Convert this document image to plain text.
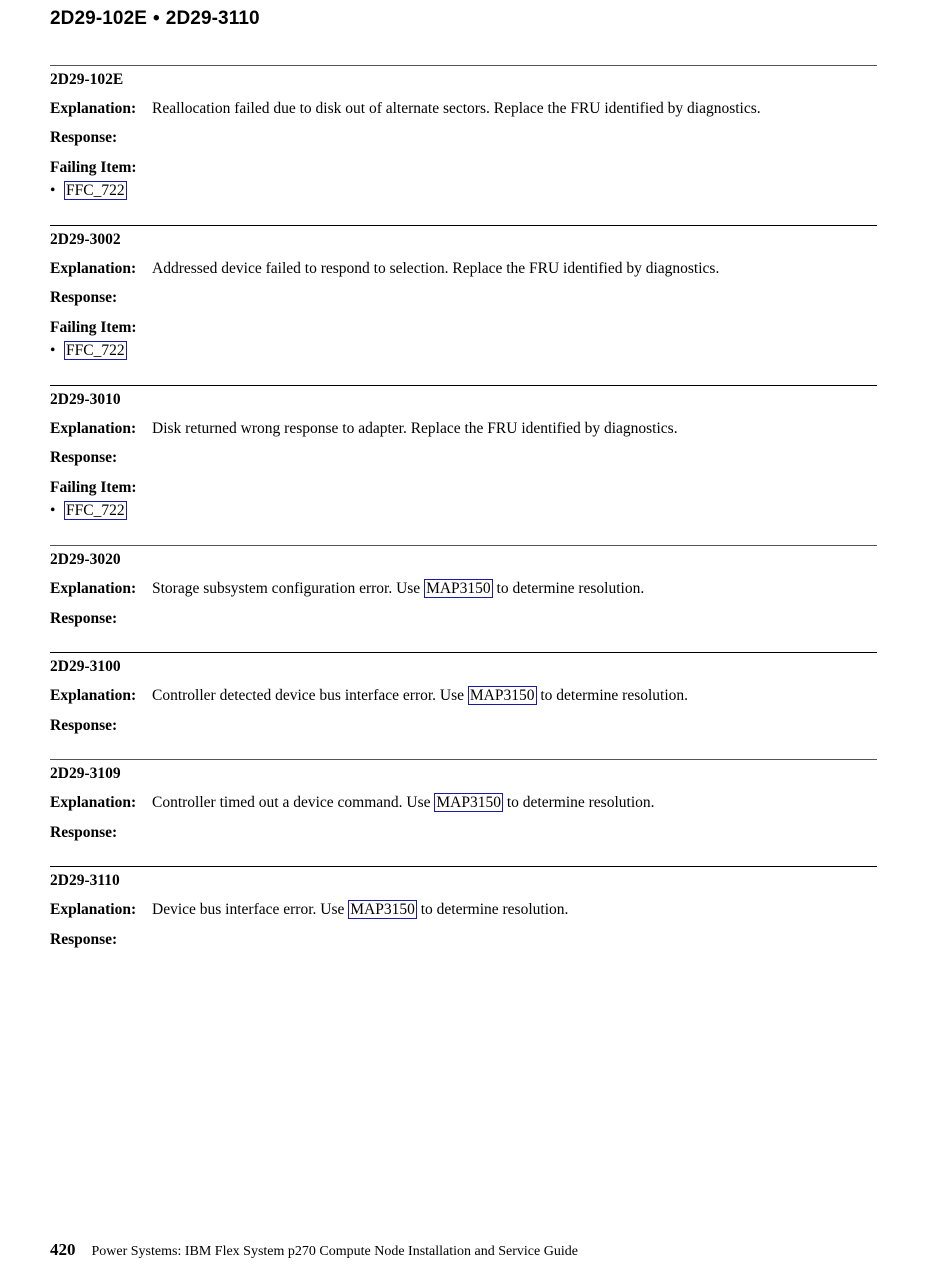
2D29-102E • 2D29-3110
2D29-102E
Explanation: Reallocation failed due to disk out of alternate sectors. Replace the FRU identified by diagnostics.
Response:
Failing Item:
• FFC_722
2D29-3002
Explanation: Addressed device failed to respond to selection. Replace the FRU identified by diagnostics.
Response:
Failing Item:
• FFC_722
2D29-3010
Explanation: Disk returned wrong response to adapter. Replace the FRU identified by diagnostics.
Response:
Failing Item:
• FFC_722
2D29-3020
Explanation: Storage subsystem configuration error. Use MAP3150 to determine resolution.
Response:
2D29-3100
Explanation: Controller detected device bus interface error. Use MAP3150 to determine resolution.
Response:
2D29-3109
Explanation: Controller timed out a device command. Use MAP3150 to determine resolution.
Response:
2D29-3110
Explanation: Device bus interface error. Use MAP3150 to determine resolution.
Response:
420 Power Systems: IBM Flex System p270 Compute Node Installation and Service Guide
